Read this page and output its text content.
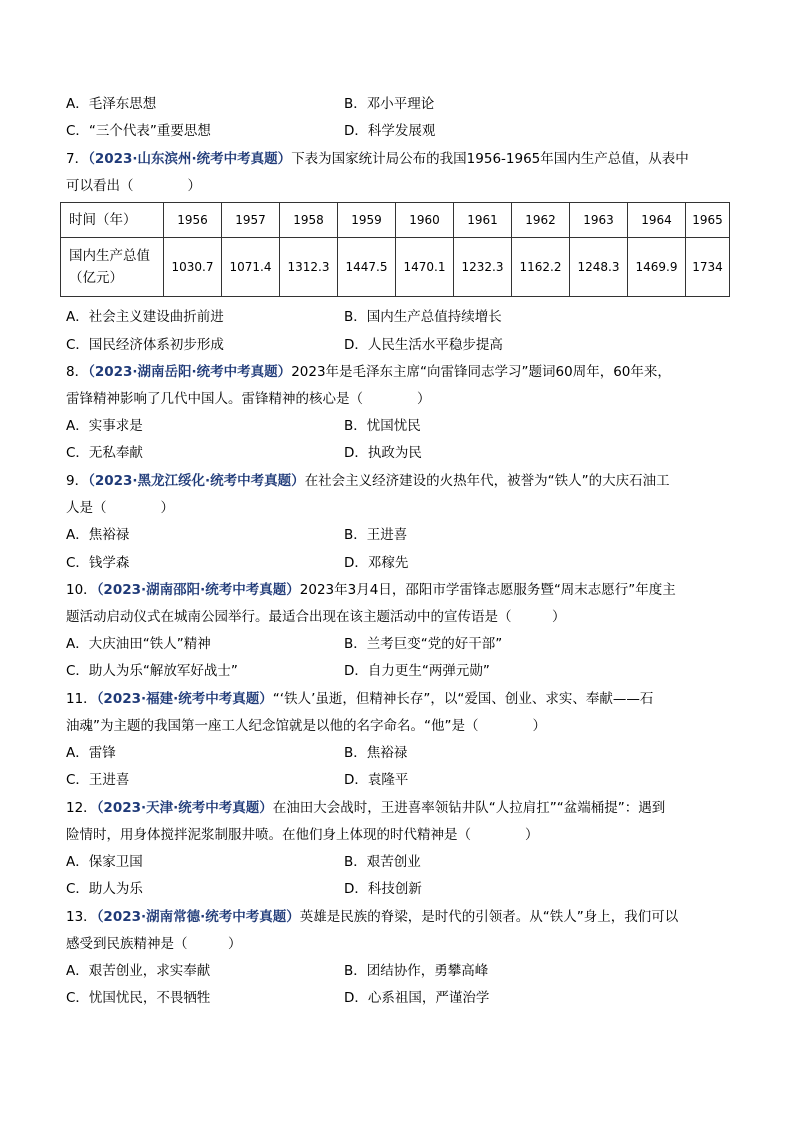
A．毛泽东思想	B．邓小平理论
C．“三个代表”重要思想	D．科学发展观
7．（2023·山东滨州·统考中考真题）下表为国家统计局公布的我国1956-1965年国内生产总值，从表中
可以看出（　　　　）
时间（年）	1956	1957	1958	1959	1960	1961	1962	1963	1964	1965
国内生产总值
（亿元）	1030.7	1071.4	1312.3	1447.5	1470.1	1232.3	1162.2	1248.3	1469.9	1734
A．社会主义建设曲折前进	B．国内生产总值持续增长
C．国民经济体系初步形成	D．人民生活水平稳步提高
8．（2023·湖南岳阳·统考中考真题）2023年是毛泽东主席“向雷锋同志学习”题词60周年，60年来，
雷锋精神影响了几代中国人。雷锋精神的核心是（　　　　）
A．实事求是	B．忧国忧民
C．无私奉献	D．执政为民
9．（2023·黑龙江绥化·统考中考真题）在社会主义经济建设的火热年代，被誉为“铁人”的大庆石油工
人是（　　　　）
A．焦裕禄	B．王进喜
C．钱学森	D．邓稼先
10．（2023·湖南邵阳·统考中考真题）2023年3月4日，邵阳市学雷锋志愿服务暨“周末志愿行”年度主
题活动启动仪式在城南公园举行。最适合出现在该主题活动中的宣传语是（　　　）
A．大庆油田“铁人”精神	B．兰考巨变“党的好干部”
C．助人为乐“解放军好战士”	D．自力更生“两弹元勋”
11．（2023·福建·统考中考真题）“‘铁人’虽逝，但精神长存”，以“爱国、创业、求实、奉献——石
油魂”为主题的我国第一座工人纪念馆就是以他的名字命名。“他”是（　　　　）
A．雷锋	B．焦裕禄
C．王进喜	D．袁隆平
12．（2023·天津·统考中考真题）在油田大会战时，王进喜率领钻井队“人拉肩扛”“盆端桶提”：遇到
险情时，用身体搅拌泥浆制服井喷。在他们身上体现的时代精神是（　　　　）
A．保家卫国	B．艰苦创业
C．助人为乐	D．科技创新
13．（2023·湖南常德·统考中考真题）英雄是民族的脊梁，是时代的引领者。从“铁人”身上，我们可以
感受到民族精神是（　　　）
A．艰苦创业，求实奉献	B．团结协作，勇攀高峰
C．忧国忧民，不畏牺牲	D．心系祖国，严谨治学
